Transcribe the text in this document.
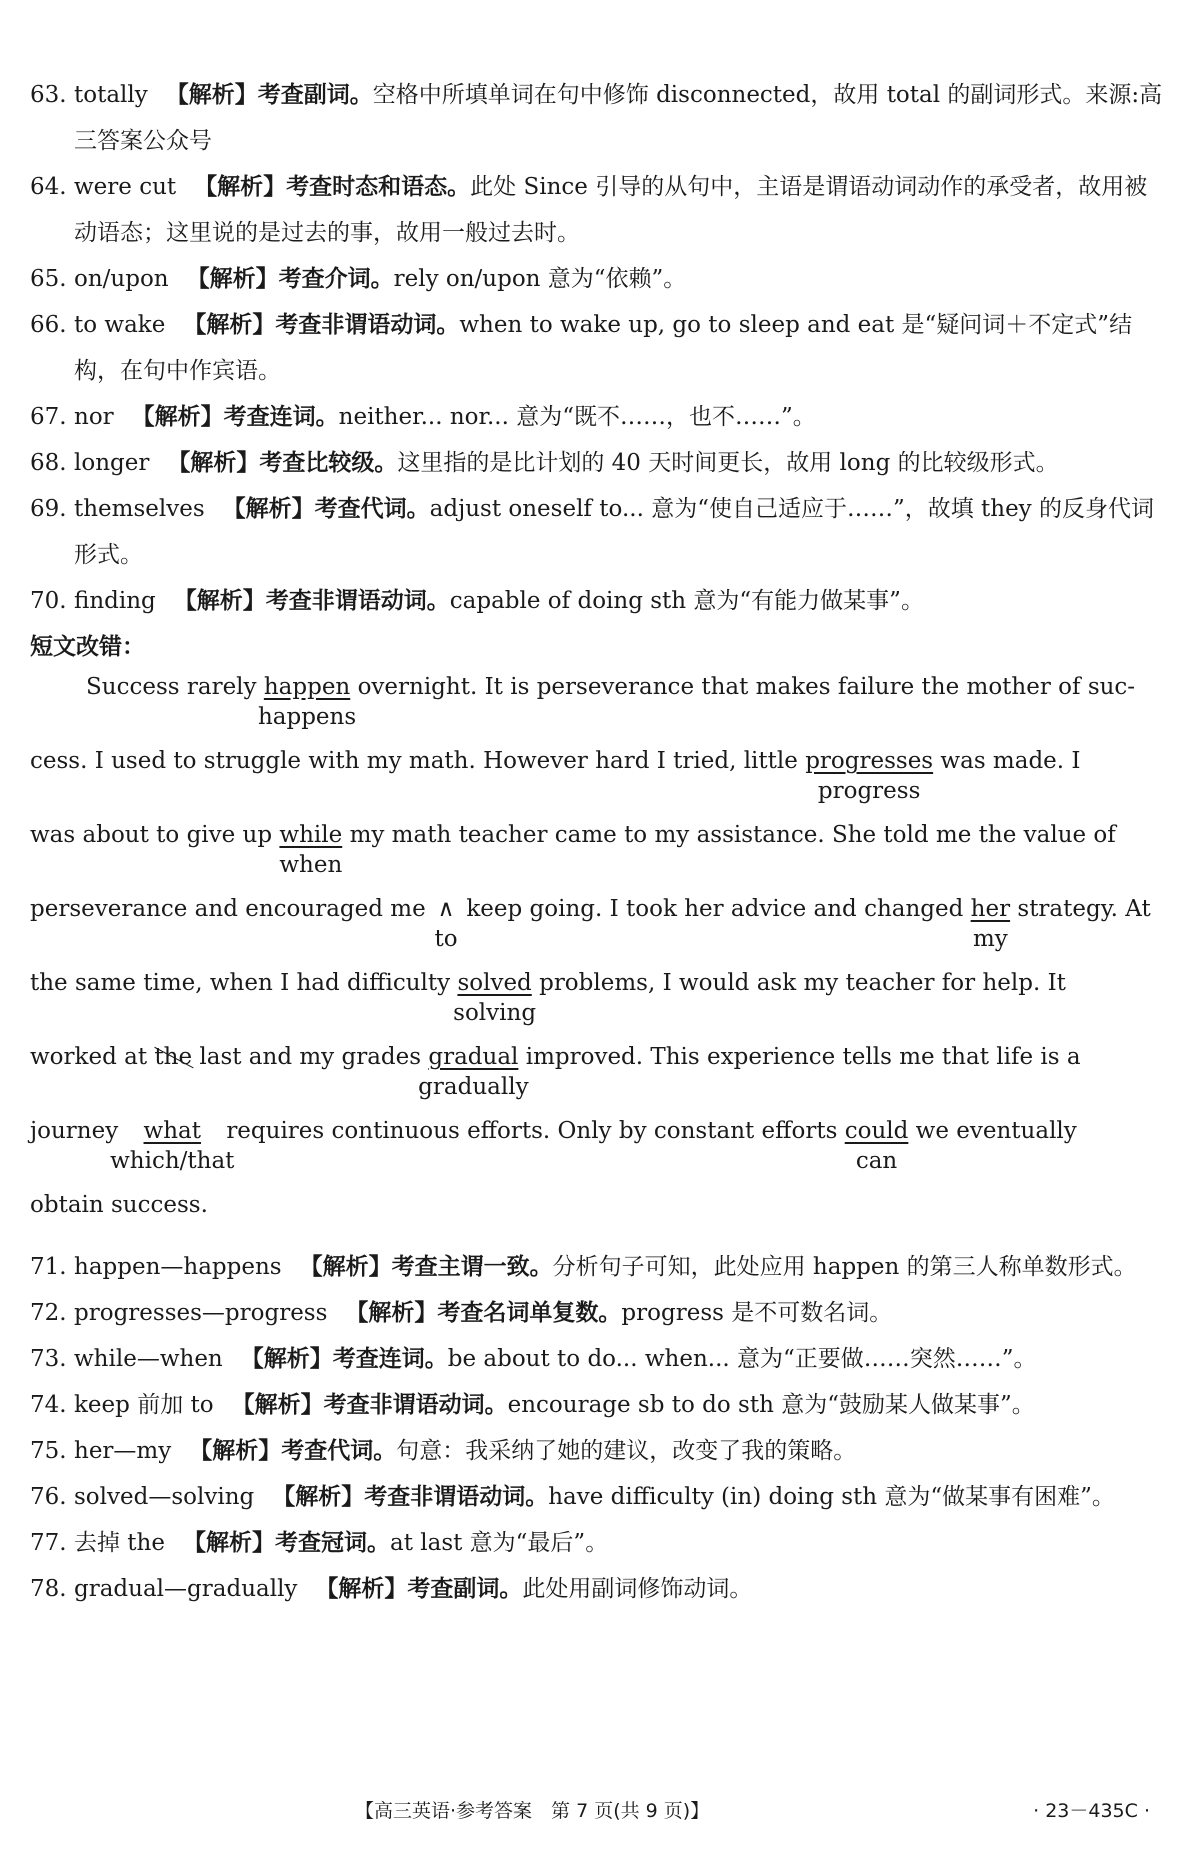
63. totally 【解析】考查副词。空格中所填单词在句中修饰 disconnected，故用 total 的副词形式。来源:高三答案公众号
64. were cut 【解析】考查时态和语态。此处 Since 引导的从句中，主语是谓语动词动作的承受者，故用被动语态；这里说的是过去的事，故用一般过去时。
65. on/upon 【解析】考查介词。rely on/upon 意为“依赖”。
66. to wake 【解析】考查非谓语动词。when to wake up, go to sleep and eat 是“疑问词＋不定式”结构，在句中作宾语。
67. nor 【解析】考查连词。neither... nor... 意为“既不……，也不……”。
68. longer 【解析】考查比较级。这里指的是比计划的 40 天时间更长，故用 long 的比较级形式。
69. themselves 【解析】考查代词。adjust oneself to... 意为“使自己适应于……”，故填 they 的反身代词形式。
70. finding 【解析】考查非谓语动词。capable of doing sth 意为“有能力做某事”。
短文改错：
Success rarely happen
happens
overnight. It is perseverance that makes failure the mother of suc-
cess. I used to struggle with my math. However hard I tried, little progresses
progress
was made. I
was about to give up while
when
my math teacher came to my assistance. She told me the value of
perseverance and encouraged me ∧
to
keep going. I took her advice and changed her
my
strategy. At
the same time, when I had difficulty solved
solving
problems, I would ask my teacher for help. It
worked at the last and my grades gradual
gradually
improved. This experience tells me that life is a
journey what
which/that
requires continuous efforts. Only by constant efforts could
can
we eventually
obtain success.
71. happen—happens 【解析】考查主谓一致。分析句子可知，此处应用 happen 的第三人称单数形式。
72. progresses—progress 【解析】考查名词单复数。progress 是不可数名词。
73. while—when 【解析】考查连词。be about to do... when... 意为“正要做……突然……”。
74. keep 前加 to 【解析】考查非谓语动词。encourage sb to do sth 意为“鼓励某人做某事”。
75. her—my 【解析】考查代词。句意：我采纳了她的建议，改变了我的策略。
76. solved—solving 【解析】考查非谓语动词。have difficulty (in) doing sth 意为“做某事有困难”。
77. 去掉 the 【解析】考查冠词。at last 意为“最后”。
78. gradual—gradually 【解析】考查副词。此处用副词修饰动词。
【高三英语·参考答案　第 7 页(共 9 页)】	· 23－435C ·
